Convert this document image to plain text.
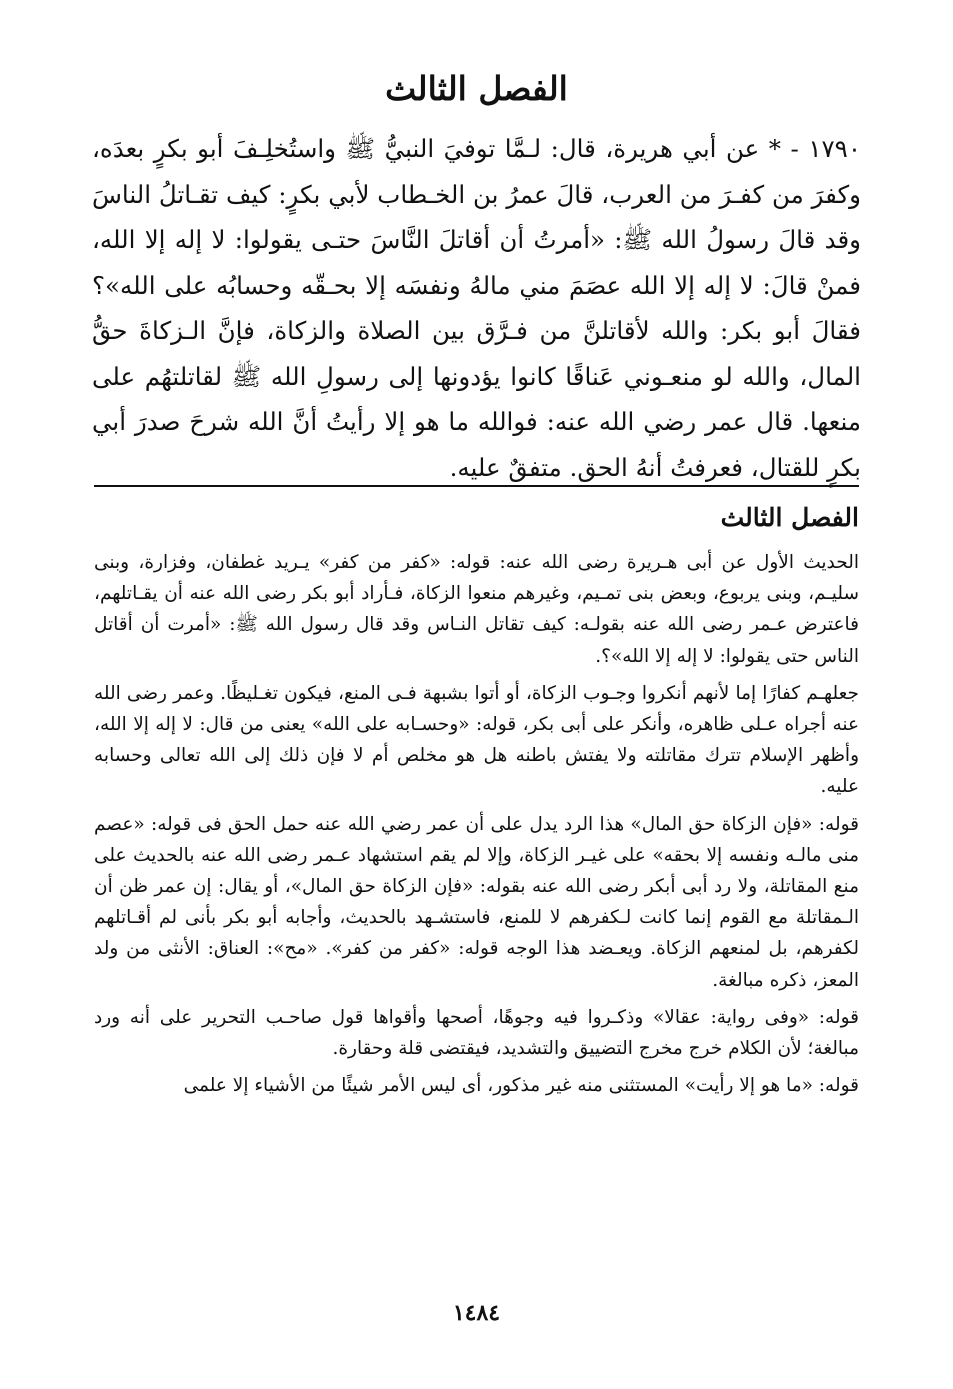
الفصل الثالث

١٧٩٠ - * عن أبي هريرة، قال: لـمَّا توفيَ النبيُّ ﷺ واستُخلِـفَ أبو بكرٍ بعدَه، وكفرَ من كفـرَ من العرب، قالَ عمرُ بن الخـطاب لأبي بكرٍ: كيف تقـاتلُ الناسَ وقد قالَ رسولُ الله ﷺ: «أمرتُ أن أقاتلَ النَّاسَ حتـى يقولوا: لا إله إلا الله، فمنْ قالَ: لا إله إلا الله عصَمَ مني مالهُ ونفسَه إلا بحـقّه وحسابُه على الله»؟ فقالَ أبو بكر: والله لأقاتلنَّ من فـرَّق بين الصلاة والزكاة، فإنَّ الـزكاةَ حقُّ المال، والله لو منعـوني عَناقًا كانوا يؤدونها إلى رسولِ الله ﷺ لقاتلتهُم على منعها. قال عمر رضي الله عنه: فوالله ما هو إلا رأيتُ أنَّ الله شرحَ صدرَ أبي بكرٍ للقتال، فعرفتُ أنهُ الحق. متفقٌ عليه.

الفصل الثالث

الحديث الأول عن أبى هـريرة رضى الله عنه: قوله: «كفر من كفر» يـريد غطفان، وفزارة، وبنى سليـم، وبنى يربوع، وبعض بنى تمـيم، وغيرهم منعوا الزكاة، فـأراد أبو بكر رضى الله عنه أن يقـاتلهم، فاعترض عـمر رضى الله عنه بقولـه: كيف تقاتل النـاس وقد قال رسول الله ﷺ: «أمرت أن أقاتل الناس حتى يقولوا: لا إله إلا الله»؟.

جعلهـم كفارًا إما لأنهم أنكروا وجـوب الزكاة، أو أتوا بشبهة فـى المنع، فيكون تغـليظًا. وعمر رضى الله عنه أجراه عـلى ظاهره، وأنكر على أبى بكر، قوله: «وحسـابه على الله» يعنى من قال: لا إله إلا الله، وأظهر الإسلام تترك مقاتلته ولا يفتش باطنه هل هو مخلص أم لا فإن ذلك إلى الله تعالى وحسابه عليه.

قوله: «فإن الزكاة حق المال» هذا الرد يدل على أن عمر رضي الله عنه حمل الحق فى قوله: «عصم منى مالـه ونفسه إلا بحقه» على غيـر الزكاة، وإلا لم يقم استشهاد عـمر رضى الله عنه بالحديث على منع المقاتلة، ولا رد أبى أبكر رضى الله عنه بقوله: «فإن الزكاة حق المال»، أو يقال: إن عمر ظن أن الـمقاتلة مع القوم إنما كانت لـكفرهم لا للمنع، فاستشـهد بالحديث، وأجابه أبو بكر بأنى لم أقـاتلهم لكفرهم، بل لمنعهم الزكاة. ويعـضد هذا الوجه قوله: «كفر من كفر». «مح»: العناق: الأنثى من ولد المعز، ذكره مبالغة.

قوله: «وفى رواية: عقالا» وذكـروا فيه وجوهًا، أصحها وأقواها قول صاحـب التحرير على أنه ورد مبالغة؛ لأن الكلام خرج مخرج التضييق والتشديد، فيقتضى قلة وحقارة.

قوله: «ما هو إلا رأيت» المستثنى منه غير مذكور، أى ليس الأمر شيئًا من الأشياء إلا علمى

١٤٨٤
